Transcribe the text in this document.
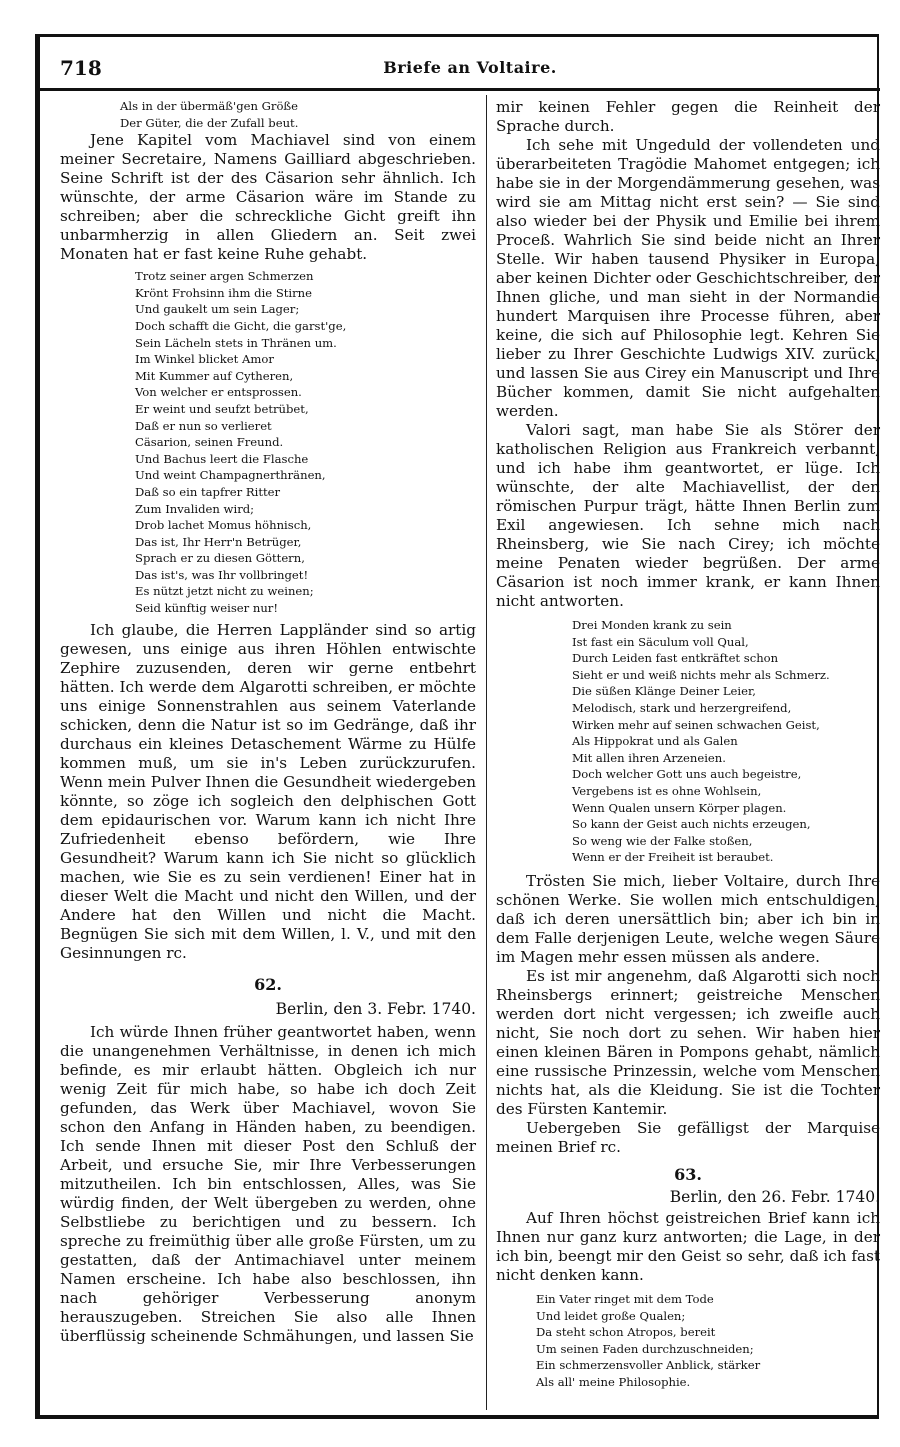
718	Briefe an Voltaire.
Als in der übermäß'gen Größe
Der Güter, die der Zufall beut.

Jene Kapitel vom Machiavel sind von einem meiner Secretaire, Namens Gailliard abgeschrieben. Seine Schrift ist der des Cäsarion sehr ähnlich. Ich wünschte, der arme Cäsarion wäre im Stande zu schreiben; aber die schreckliche Gicht greift ihn unbarmherzig in allen Gliedern an. Seit zwei Monaten hat er fast keine Ruhe gehabt.

Trotz seiner argen Schmerzen
Krönt Frohsinn ihm die Stirne
Und gaukelt um sein Lager;
Doch schafft die Gicht, die garst'ge,
Sein Lächeln stets in Thränen um.
Im Winkel blicket Amor
Mit Kummer auf Cytheren,
Von welcher er entsprossen.
Er weint und seufzt betrübet,
Daß er nun so verlieret
Cäsarion, seinen Freund.
Und Bachus leert die Flasche
Und weint Champagnerthränen,
Daß so ein tapfrer Ritter
Zum Invaliden wird;
Drob lachet Momus höhnisch,
Das ist, Ihr Herr'n Betrüger,
Sprach er zu diesen Göttern,
Das ist's, was Ihr vollbringet!
Es nützt jetzt nicht zu weinen;
Seid künftig weiser nur!

Ich glaube, die Herren Lappländer sind so artig gewesen, uns einige aus ihren Höhlen entwischte Zephire zuzusenden, deren wir gerne entbehrt hätten. Ich werde dem Algarotti schreiben, er möchte uns einige Sonnenstrahlen aus seinem Vaterlande schicken, denn die Natur ist so im Gedränge, daß ihr durchaus ein kleines Detaschement Wärme zu Hülfe kommen muß, um sie in's Leben zurückzurufen. Wenn mein Pulver Ihnen die Gesundheit wiedergeben könnte, so zöge ich sogleich den delphischen Gott dem epidaurischen vor. Warum kann ich nicht Ihre Zufriedenheit ebenso befördern, wie Ihre Gesundheit? Warum kann ich Sie nicht so glücklich machen, wie Sie es zu sein verdienen! Einer hat in dieser Welt die Macht und nicht den Willen, und der Andere hat den Willen und nicht die Macht. Begnügen Sie sich mit dem Willen, l. V., und mit den Gesinnungen rc.

62.
Berlin, den 3. Febr. 1740.

Ich würde Ihnen früher geantwortet haben, wenn die unangenehmen Verhältnisse, in denen ich mich befinde, es mir erlaubt hätten. Obgleich ich nur wenig Zeit für mich habe, so habe ich doch Zeit gefunden, das Werk über Machiavel, wovon Sie schon den Anfang in Händen haben, zu beendigen. Ich sende Ihnen mit dieser Post den Schluß der Arbeit, und ersuche Sie, mir Ihre Verbesserungen mitzutheilen. Ich bin entschlossen, Alles, was Sie würdig finden, der Welt übergeben zu werden, ohne Selbstliebe zu berichtigen und zu bessern. Ich spreche zu freimüthig über alle große Fürsten, um zu gestatten, daß der Antimachiavel unter meinem Namen erscheine. Ich habe also beschlossen, ihn nach gehöriger Verbesserung anonym herauszugeben. Streichen Sie also alle Ihnen überflüssig scheinende Schmähungen, und lassen Sie

mir keinen Fehler gegen die Reinheit der Sprache durch.

Ich sehe mit Ungeduld der vollendeten und überarbeiteten Tragödie Mahomet entgegen; ich habe sie in der Morgendämmerung gesehen, was wird sie am Mittag nicht erst sein? — Sie sind also wieder bei der Physik und Emilie bei ihrem Proceß. Wahrlich Sie sind beide nicht an Ihrer Stelle. Wir haben tausend Physiker in Europa, aber keinen Dichter oder Geschichtschreiber, der Ihnen gliche, und man sieht in der Normandie hundert Marquisen ihre Processe führen, aber keine, die sich auf Philosophie legt. Kehren Sie lieber zu Ihrer Geschichte Ludwigs XIV. zurück, und lassen Sie aus Cirey ein Manuscript und Ihre Bücher kommen, damit Sie nicht aufgehalten werden.

Valori sagt, man habe Sie als Störer der katholischen Religion aus Frankreich verbannt, und ich habe ihm geantwortet, er lüge. Ich wünschte, der alte Machiavellist, der den römischen Purpur trägt, hätte Ihnen Berlin zum Exil angewiesen. Ich sehne mich nach Rheinsberg, wie Sie nach Cirey; ich möchte meine Penaten wieder begrüßen. Der arme Cäsarion ist noch immer krank, er kann Ihnen nicht antworten.

Drei Monden krank zu sein
Ist fast ein Säculum voll Qual,
Durch Leiden fast entkräftet schon
Sieht er und weiß nichts mehr als Schmerz.
Die süßen Klänge Deiner Leier,
Melodisch, stark und herzergreifend,
Wirken mehr auf seinen schwachen Geist,
Als Hippokrat und als Galen
Mit allen ihren Arzeneien.
Doch welcher Gott uns auch begeistre,
Vergebens ist es ohne Wohlsein,
Wenn Qualen unsern Körper plagen.
So kann der Geist auch nichts erzeugen,
So weng wie der Falke stoßen,
Wenn er der Freiheit ist beraubet.

Trösten Sie mich, lieber Voltaire, durch Ihre schönen Werke. Sie wollen mich entschuldigen, daß ich deren unersättlich bin; aber ich bin in dem Falle derjenigen Leute, welche wegen Säure im Magen mehr essen müssen als andere.

Es ist mir angenehm, daß Algarotti sich noch Rheinsbergs erinnert; geistreiche Menschen werden dort nicht vergessen; ich zweifle auch nicht, Sie noch dort zu sehen. Wir haben hier einen kleinen Bären in Pompons gehabt, nämlich eine russische Prinzessin, welche vom Menschen nichts hat, als die Kleidung. Sie ist die Tochter des Fürsten Kantemir.

Uebergeben Sie gefälligst der Marquise meinen Brief rc.

63.
Berlin, den 26. Febr. 1740.

Auf Ihren höchst geistreichen Brief kann ich Ihnen nur ganz kurz antworten; die Lage, in der ich bin, beengt mir den Geist so sehr, daß ich fast nicht denken kann.

Ein Vater ringet mit dem Tode
Und leidet große Qualen;
Da steht schon Atropos, bereit
Um seinen Faden durchzuschneiden;
Ein schmerzensvoller Anblick, stärker
Als all' meine Philosophie.
